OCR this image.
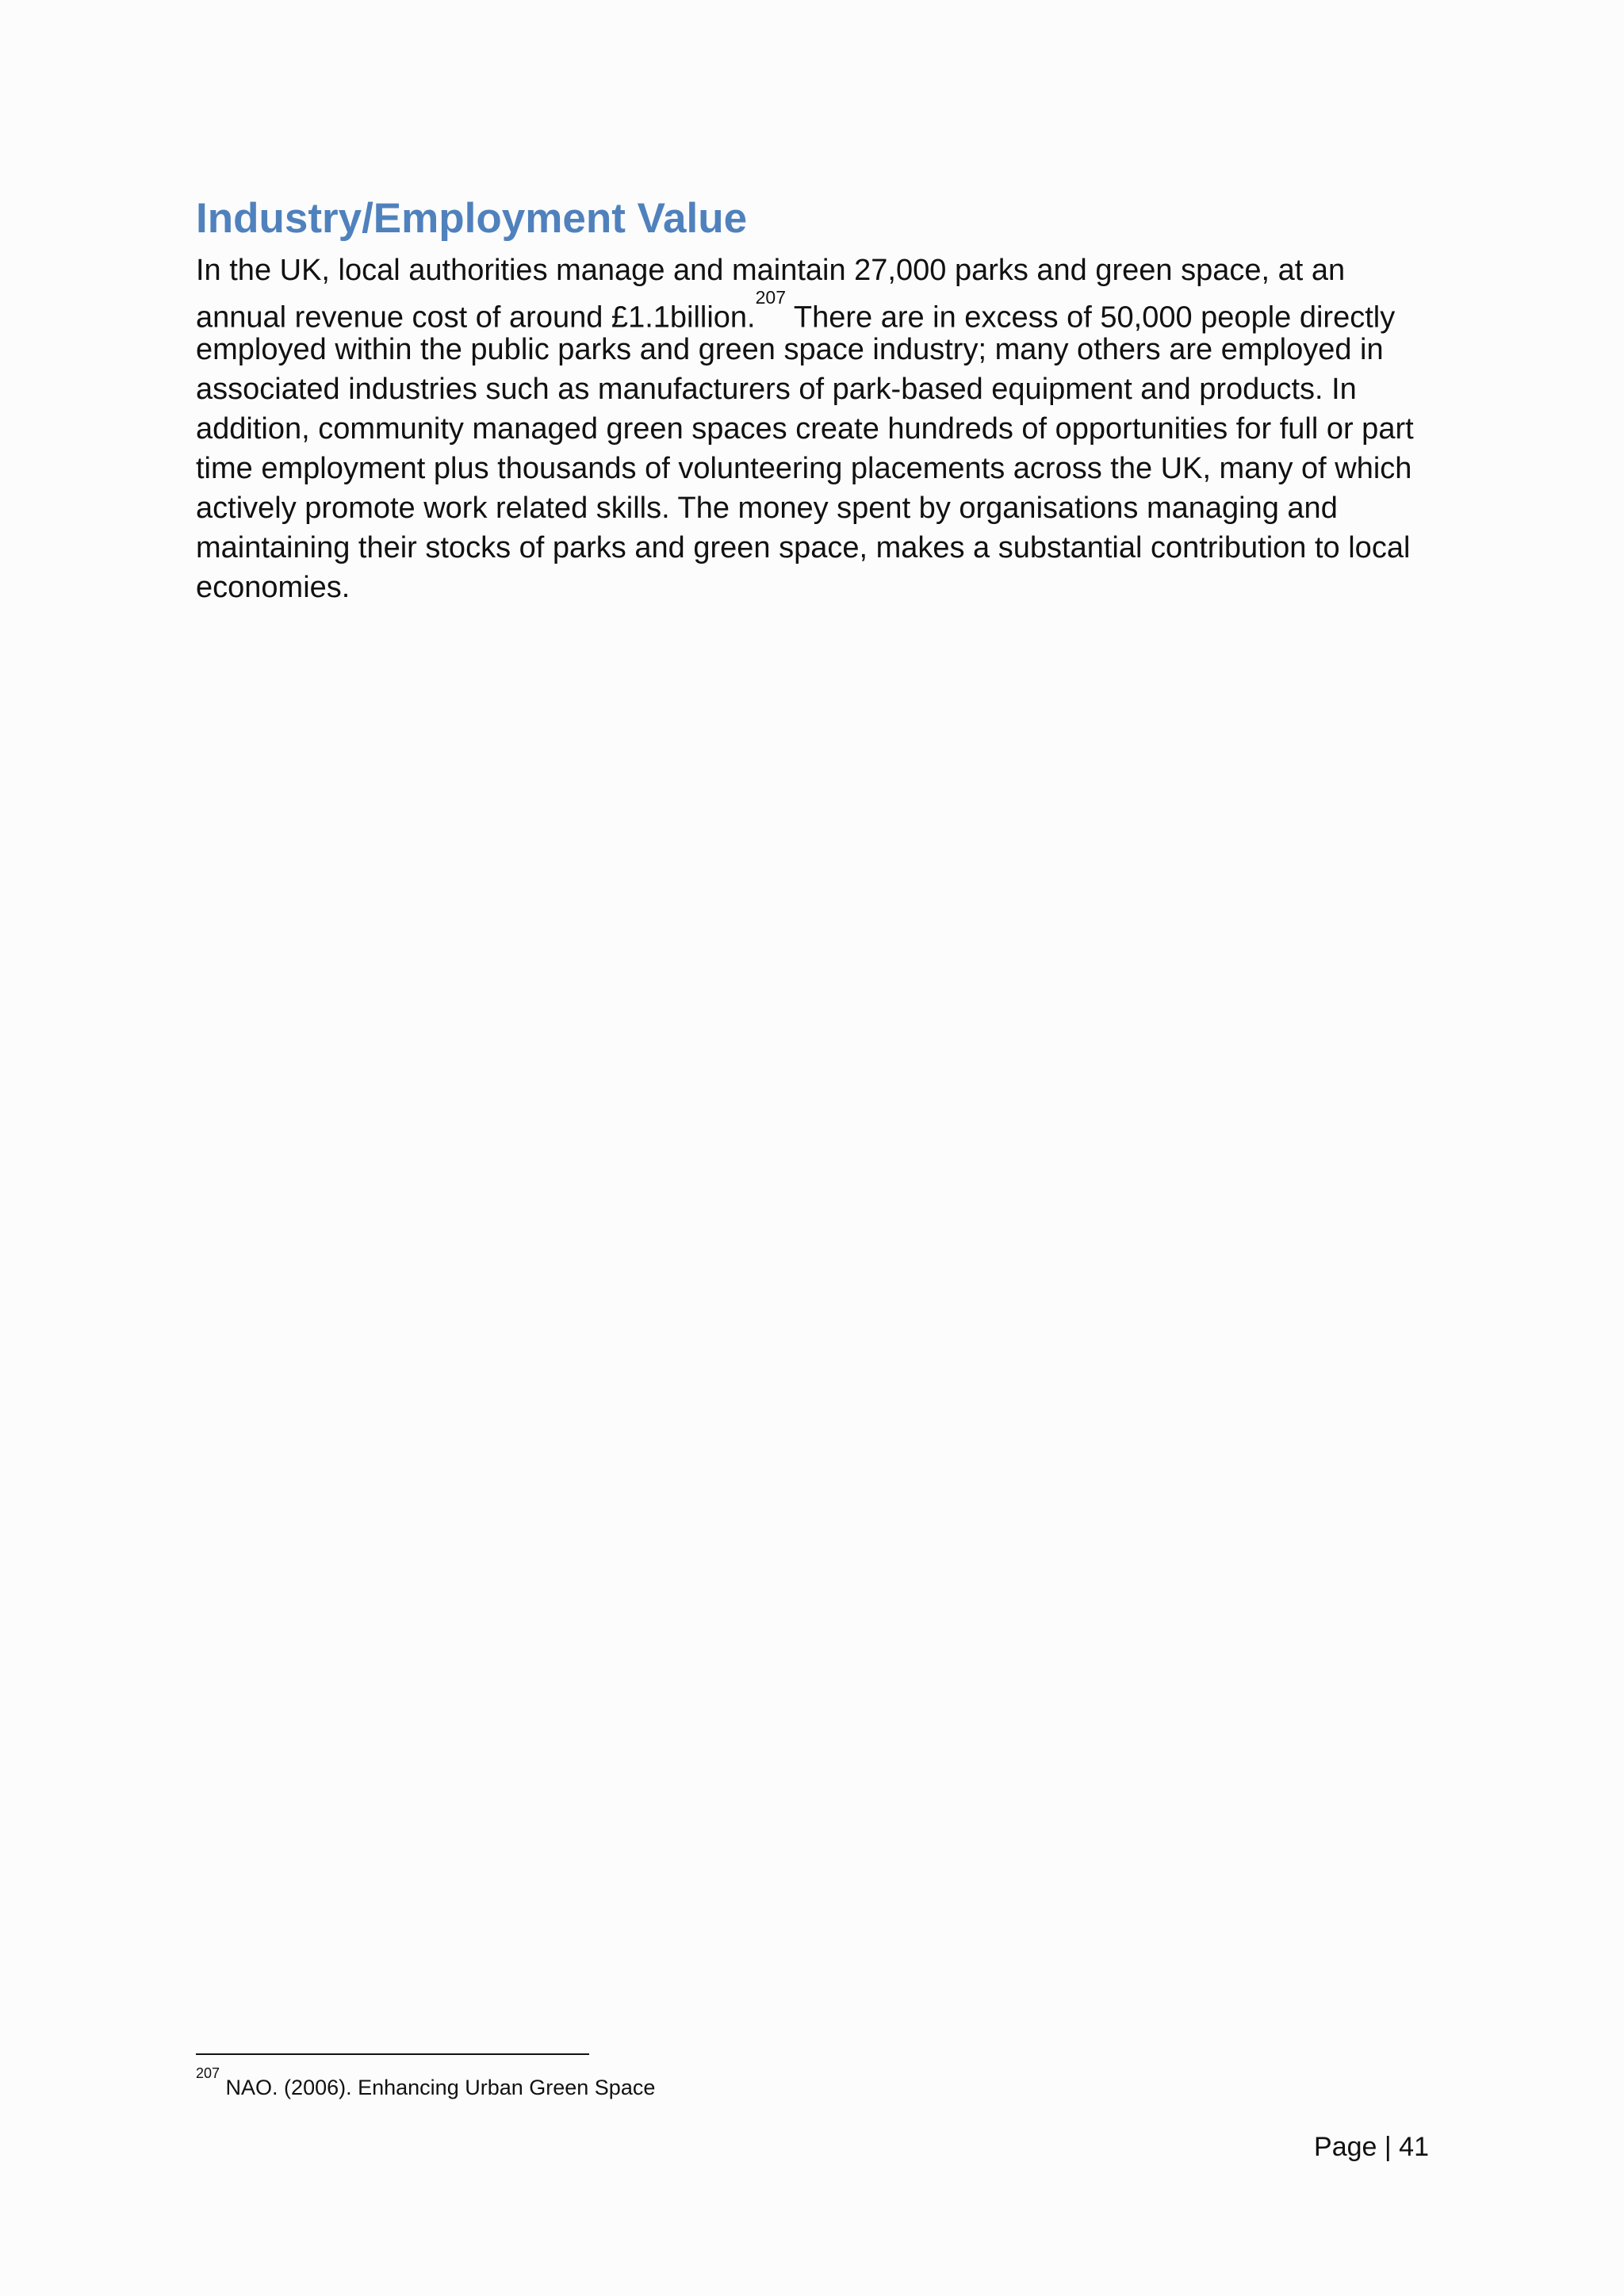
Industry/Employment Value
In the UK, local authorities manage and maintain 27,000 parks and green space, at an
annual revenue cost of around £1.1billion.$^{207}$ There are in excess of 50,000 people directly
employed within the public parks and green space industry; many others are employed in
associated industries such as manufacturers of park-based equipment and products. In
addition, community managed green spaces create hundreds of opportunities for full or part
time employment plus thousands of volunteering placements across the UK, many of which
actively promote work related skills. The money spent by organisations managing and
maintaining their stocks of parks and green space, makes a substantial contribution to local
economies.

$^{207}$ NAO. (2006). Enhancing Urban Green Space

Page | 41
